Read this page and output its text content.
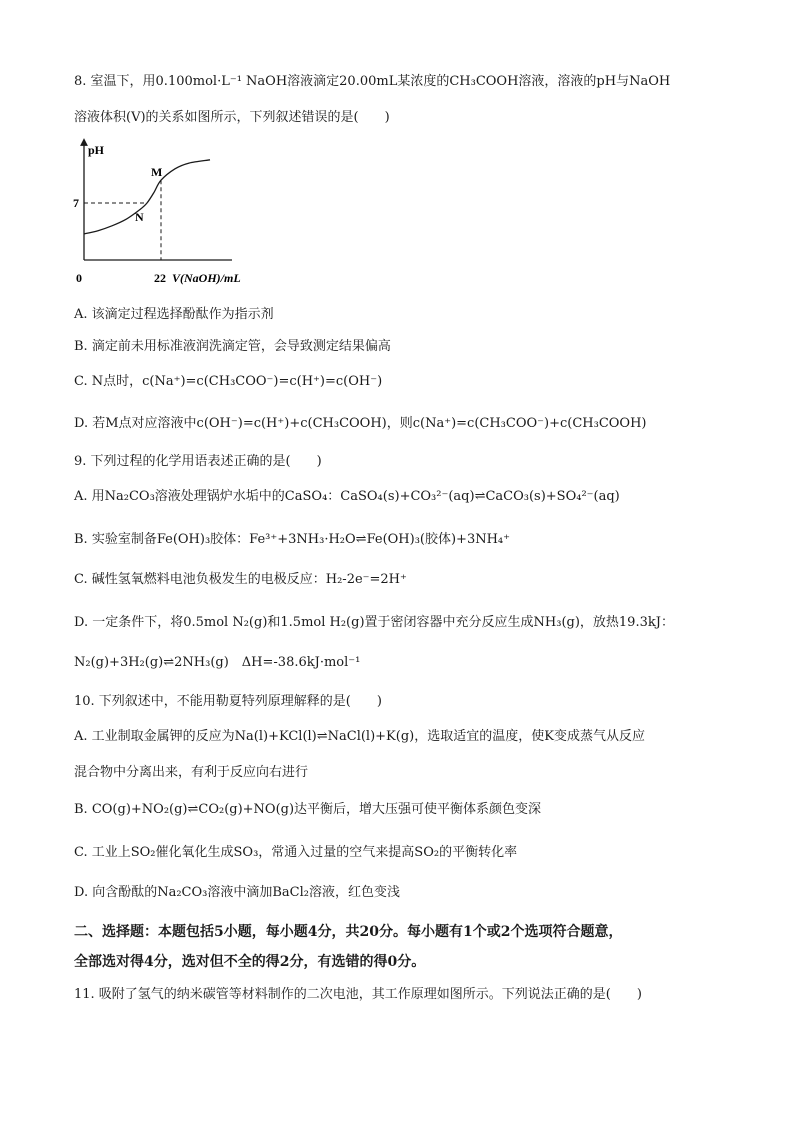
8. 室温下，用0.100mol·L⁻¹ NaOH溶液滴定20.00mL某浓度的CH₃COOH溶液，溶液的pH与NaOH
溶液体积(V)的关系如图所示，下列叙述错误的是(　　)
pH
0	V(NaOH)/mL
7
22
M
N
A. 该滴定过程选择酚酞作为指示剂
B. 滴定前未用标准液润洗滴定管，会导致测定结果偏高
C. N点时，c(Na⁺)=c(CH₃COO⁻)=c(H⁺)=c(OH⁻)
D. 若M点对应溶液中c(OH⁻)=c(H⁺)+c(CH₃COOH)，则c(Na⁺)=c(CH₃COO⁻)+c(CH₃COOH)
9. 下列过程的化学用语表述正确的是(　　)
A. 用Na₂CO₃溶液处理锅炉水垢中的CaSO₄：CaSO₄(s)+CO₃²⁻(aq)⇌CaCO₃(s)+SO₄²⁻(aq)
B. 实验室制备Fe(OH)₃胶体：Fe³⁺+3NH₃·H₂O⇌Fe(OH)₃(胶体)+3NH₄⁺
C. 碱性氢氧燃料电池负极发生的电极反应：H₂-2e⁻=2H⁺
D. 一定条件下，将0.5mol N₂(g)和1.5mol H₂(g)置于密闭容器中充分反应生成NH₃(g)，放热19.3kJ：
N₂(g)+3H₂(g)⇌2NH₃(g)　ΔH=-38.6kJ·mol⁻¹
10. 下列叙述中，不能用勒夏特列原理解释的是(　　)
A. 工业制取金属钾的反应为Na(l)+KCl(l)⇌NaCl(l)+K(g)，选取适宜的温度，使K变成蒸气从反应
混合物中分离出来，有利于反应向右进行
B. CO(g)+NO₂(g)⇌CO₂(g)+NO(g)达平衡后，增大压强可使平衡体系颜色变深
C. 工业上SO₂催化氧化生成SO₃，常通入过量的空气来提高SO₂的平衡转化率
D. 向含酚酞的Na₂CO₃溶液中滴加BaCl₂溶液，红色变浅
二、选择题：本题包括5小题，每小题4分，共20分。每小题有1个或2个选项符合题意，
全部选对得4分，选对但不全的得2分，有选错的得0分。
11. 吸附了氢气的纳米碳管等材料制作的二次电池，其工作原理如图所示。下列说法正确的是(　　)
